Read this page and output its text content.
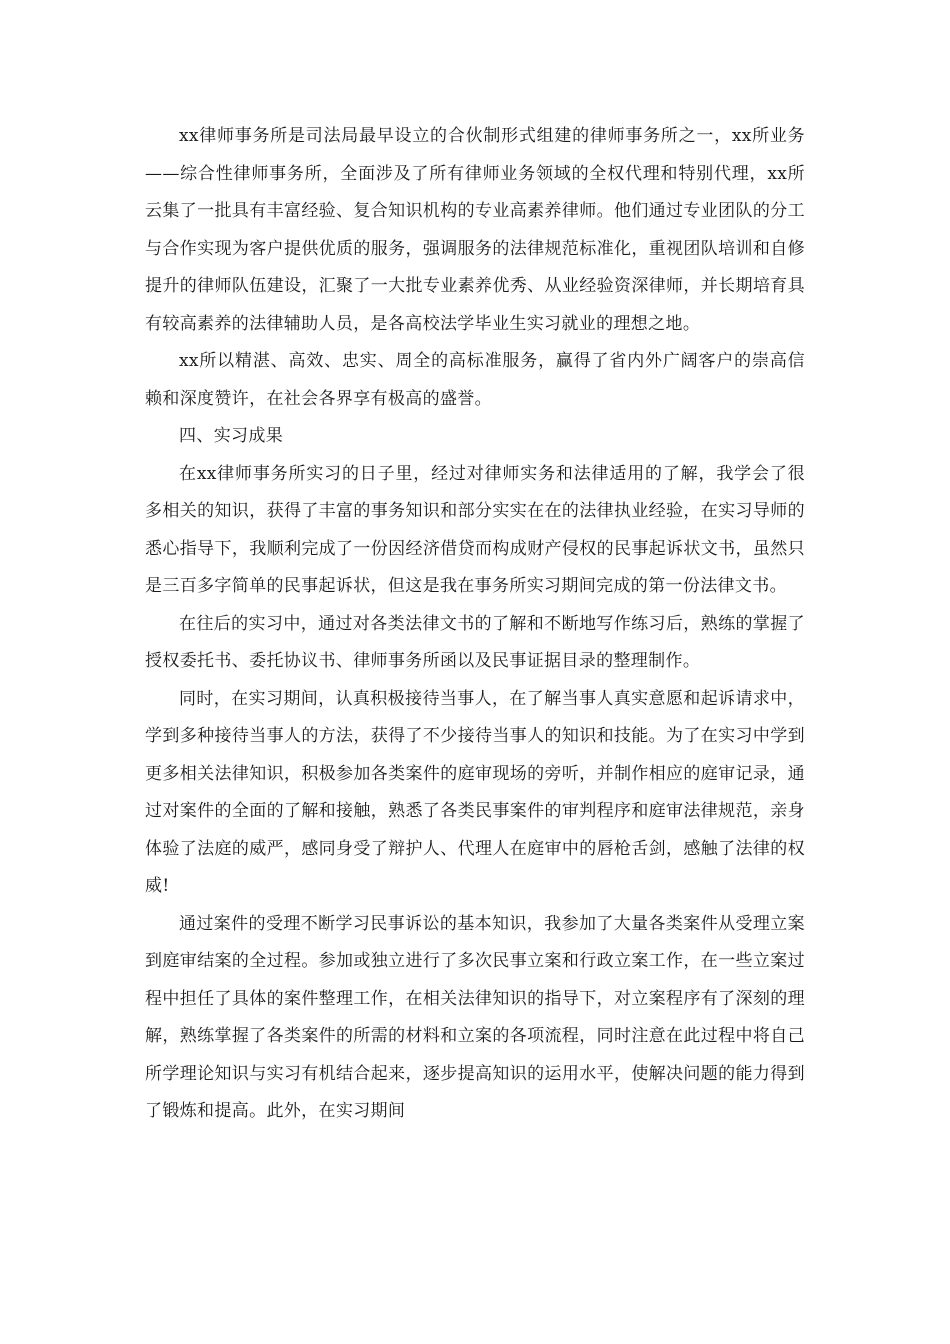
xx律师事务所是司法局最早设立的合伙制形式组建的律师事务所之一，xx所业务——综合性律师事务所，全面涉及了所有律师业务领域的全权代理和特别代理，xx所云集了一批具有丰富经验、复合知识机构的专业高素养律师。他们通过专业团队的分工与合作实现为客户提供优质的服务，强调服务的法律规范标准化，重视团队培训和自修提升的律师队伍建设，汇聚了一大批专业素养优秀、从业经验资深律师，并长期培育具有较高素养的法律辅助人员，是各高校法学毕业生实习就业的理想之地。

xx所以精湛、高效、忠实、周全的高标准服务，赢得了省内外广阔客户的崇高信赖和深度赞许，在社会各界享有极高的盛誉。

四、实习成果

在xx律师事务所实习的日子里，经过对律师实务和法律适用的了解，我学会了很多相关的知识，获得了丰富的事务知识和部分实实在在的法律执业经验，在实习导师的悉心指导下，我顺利完成了一份因经济借贷而构成财产侵权的民事起诉状文书，虽然只是三百多字简单的民事起诉状，但这是我在事务所实习期间完成的第一份法律文书。

在往后的实习中，通过对各类法律文书的了解和不断地写作练习后，熟练的掌握了授权委托书、委托协议书、律师事务所函以及民事证据目录的整理制作。

同时，在实习期间，认真积极接待当事人，在了解当事人真实意愿和起诉请求中，学到多种接待当事人的方法，获得了不少接待当事人的知识和技能。为了在实习中学到更多相关法律知识，积极参加各类案件的庭审现场的旁听，并制作相应的庭审记录，通过对案件的全面的了解和接触，熟悉了各类民事案件的审判程序和庭审法律规范，亲身体验了法庭的威严，感同身受了辩护人、代理人在庭审中的唇枪舌剑，感触了法律的权威!

通过案件的受理不断学习民事诉讼的基本知识，我参加了大量各类案件从受理立案到庭审结案的全过程。参加或独立进行了多次民事立案和行政立案工作，在一些立案过程中担任了具体的案件整理工作，在相关法律知识的指导下，对立案程序有了深刻的理解，熟练掌握了各类案件的所需的材料和立案的各项流程，同时注意在此过程中将自己所学理论知识与实习有机结合起来，逐步提高知识的运用水平，使解决问题的能力得到了锻炼和提高。此外，在实习期间
